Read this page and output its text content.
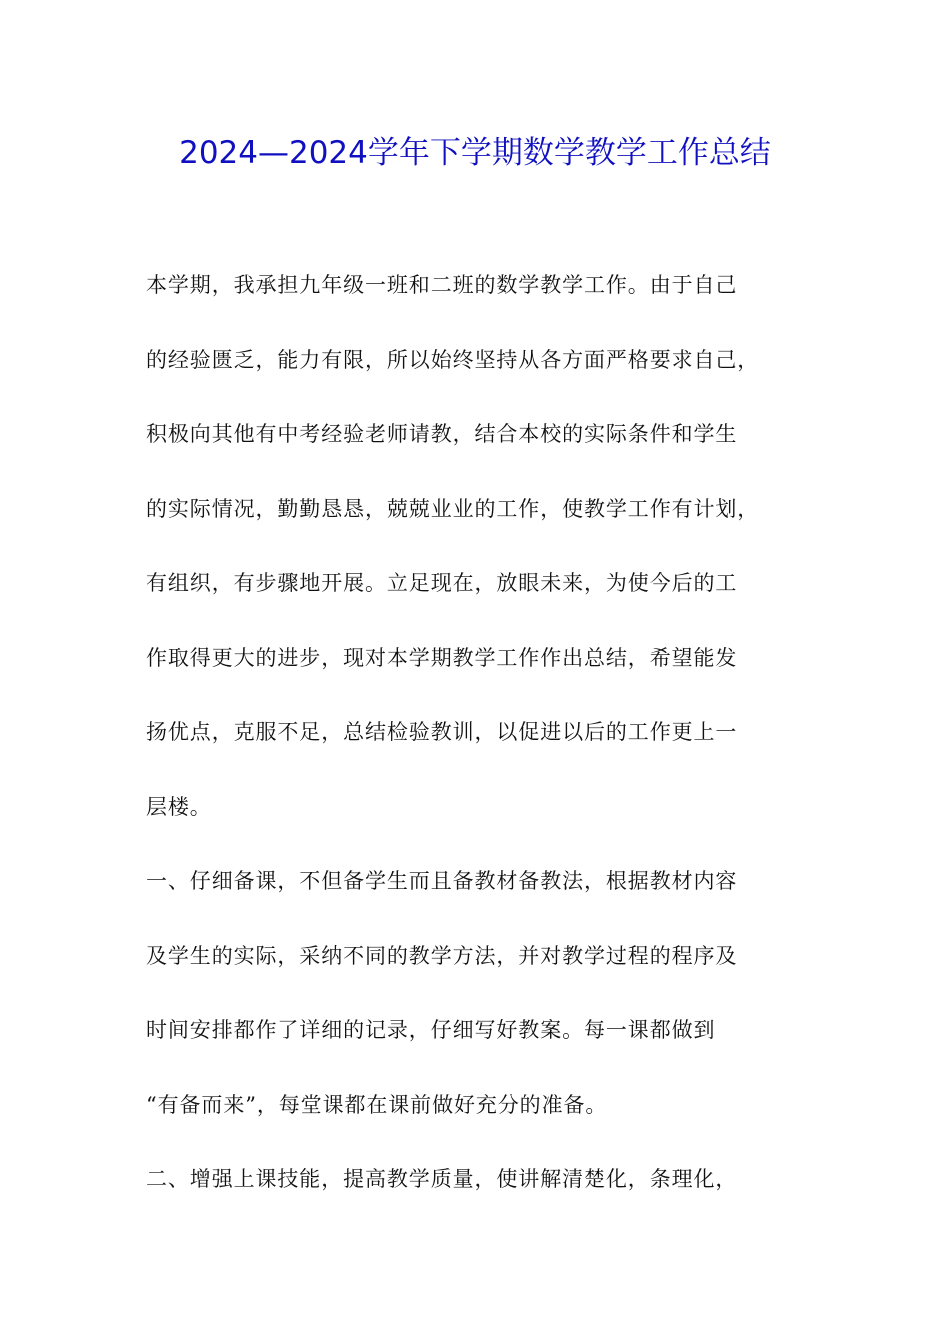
2024—2024学年下学期数学教学工作总结
本学期，我承担九年级一班和二班的数学教学工作。由于自己
的经验匮乏，能力有限，所以始终坚持从各方面严格要求自己，
积极向其他有中考经验老师请教，结合本校的实际条件和学生
的实际情况，勤勤恳恳，兢兢业业的工作，使教学工作有计划，
有组织，有步骤地开展。立足现在，放眼未来，为使今后的工
作取得更大的进步，现对本学期教学工作作出总结，希望能发
扬优点，克服不足，总结检验教训，以促进以后的工作更上一
层楼。
一、仔细备课，不但备学生而且备教材备教法，根据教材内容
及学生的实际，采纳不同的教学方法，并对教学过程的程序及
时间安排都作了详细的记录，仔细写好教案。每一课都做到
“有备而来”，每堂课都在课前做好充分的准备。
二、增强上课技能，提高教学质量，使讲解清楚化，条理化，
